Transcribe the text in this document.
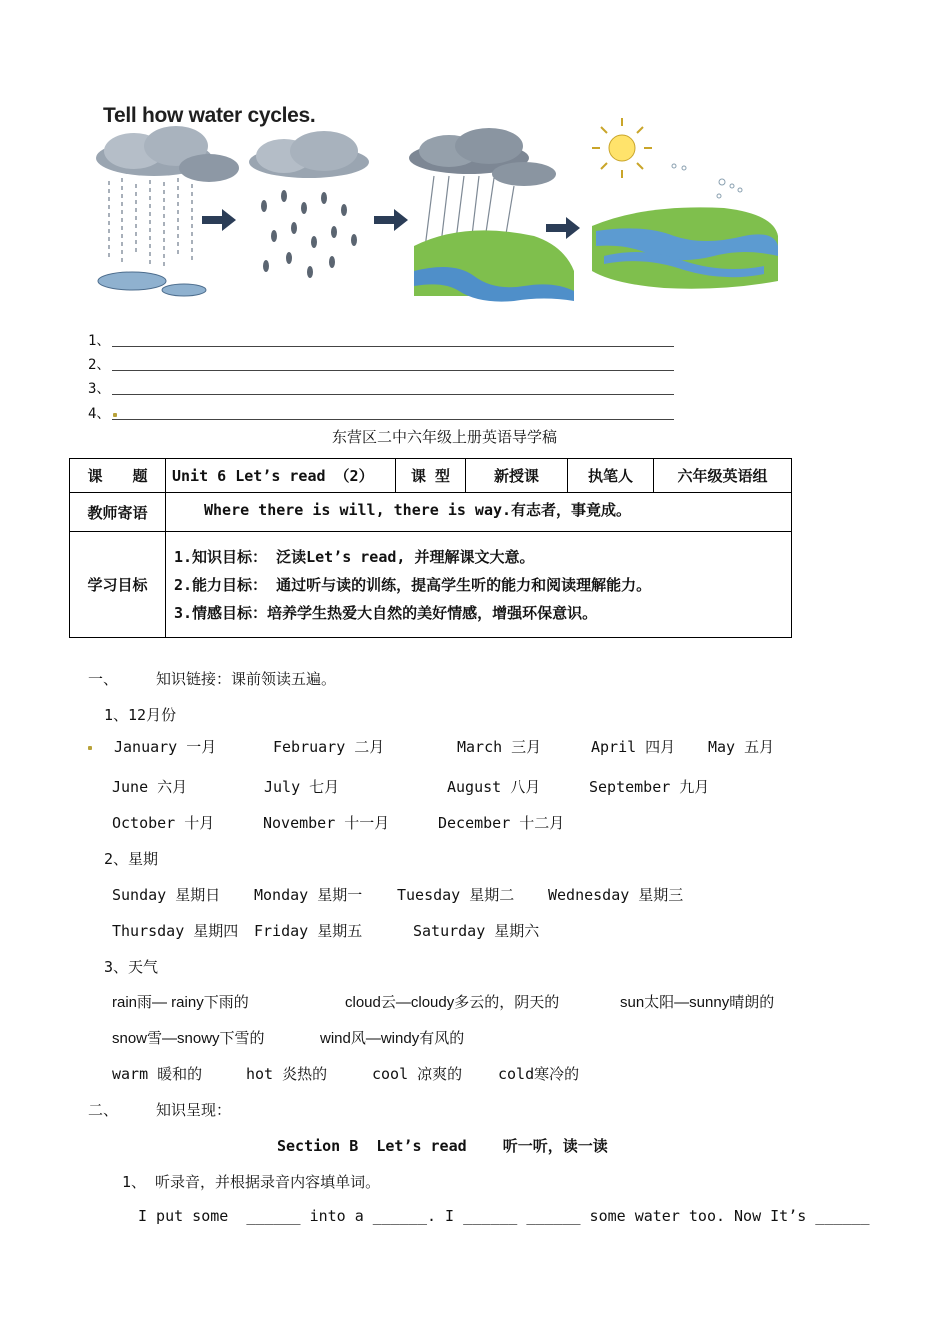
Tell how water cycles.
1、
2、
3、
4、
东营区二中六年级上册英语导学稿
课　　题	Unit 6 Let’s read （2）	课 型	新授课	执笔人	六年级英语组
教师寄语	Where there is will, there is way.有志者，事竟成。				
学习目标	1.知识目标： 泛读Let’s read, 并理解课文大意。
2.能力目标： 通过听与读的训练，提高学生听的能力和阅读理解能力。
3.情感目标：培养学生热爱大自然的美好情感，增强环保意识。				
一、	知识链接：课前领读五遍。
1、12月份
January 一月	February 二月	March 三月	April 四月 May 五月
June 六月	July 七月	August 八月	September 九月
October 十月	November 十一月	December 十二月
2、星期
Sunday 星期日 Monday 星期一 Tuesday 星期二 Wednesday 星期三
Thursday 星期四 Friday 星期五	Saturday 星期六
3、天气
rain雨— rainy下雨的	cloud云—cloudy多云的，阴天的	sun太阳—sunny晴朗的
snow雪—snowy下雪的	wind风—windy有风的
warm 暖和的	hot 炎热的	cool 凉爽的 cold寒冷的
二、	知识呈现：
Section B  Let’s read    听一听，读一读
1、 听录音，并根据录音内容填单词。
I put some  ______ into a ______. I ______ ______ some water too. Now It’s ______
